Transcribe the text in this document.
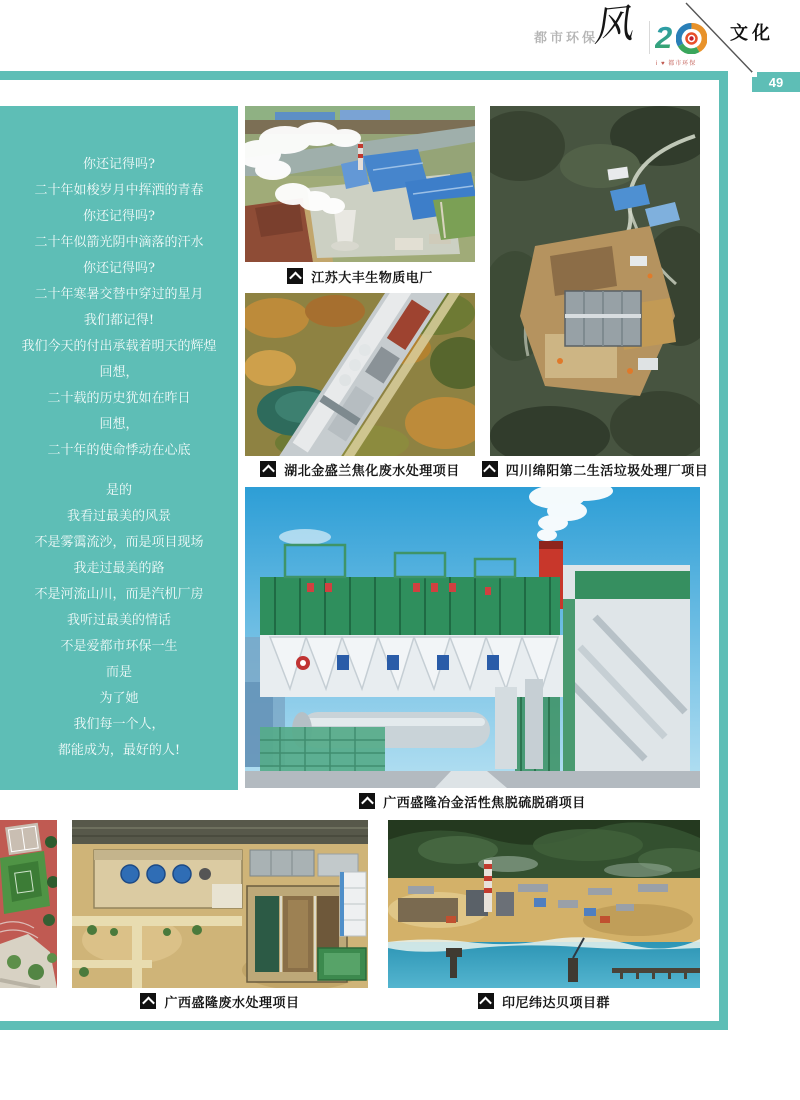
都市环保
风 2
i ♥ 都市环保
文化
49
你还记得吗?
二十年如梭岁月中挥洒的青春
你还记得吗?
二十年似箭光阴中滴落的汗水
你还记得吗?
二十年寒暑交替中穿过的星月
我们都记得!
我们今天的付出承载着明天的辉煌
回想，
二十载的历史犹如在昨日
回想，
二十年的使命悸动在心底
是的
我看过最美的风景
不是雾霭流沙，而是项目现场
我走过最美的路
不是河流山川，而是汽机厂房
我听过最美的情话
不是爱都市环保一生
而是
为了她
我们每一个人，
都能成为，最好的人!
江苏大丰生物质电厂
湖北金盛兰焦化废水处理项目	四川绵阳第二生活垃圾处理厂项目
广西盛隆冶金活性焦脱硫脱硝项目
广西盛隆废水处理项目	印尼纬达贝项目群
